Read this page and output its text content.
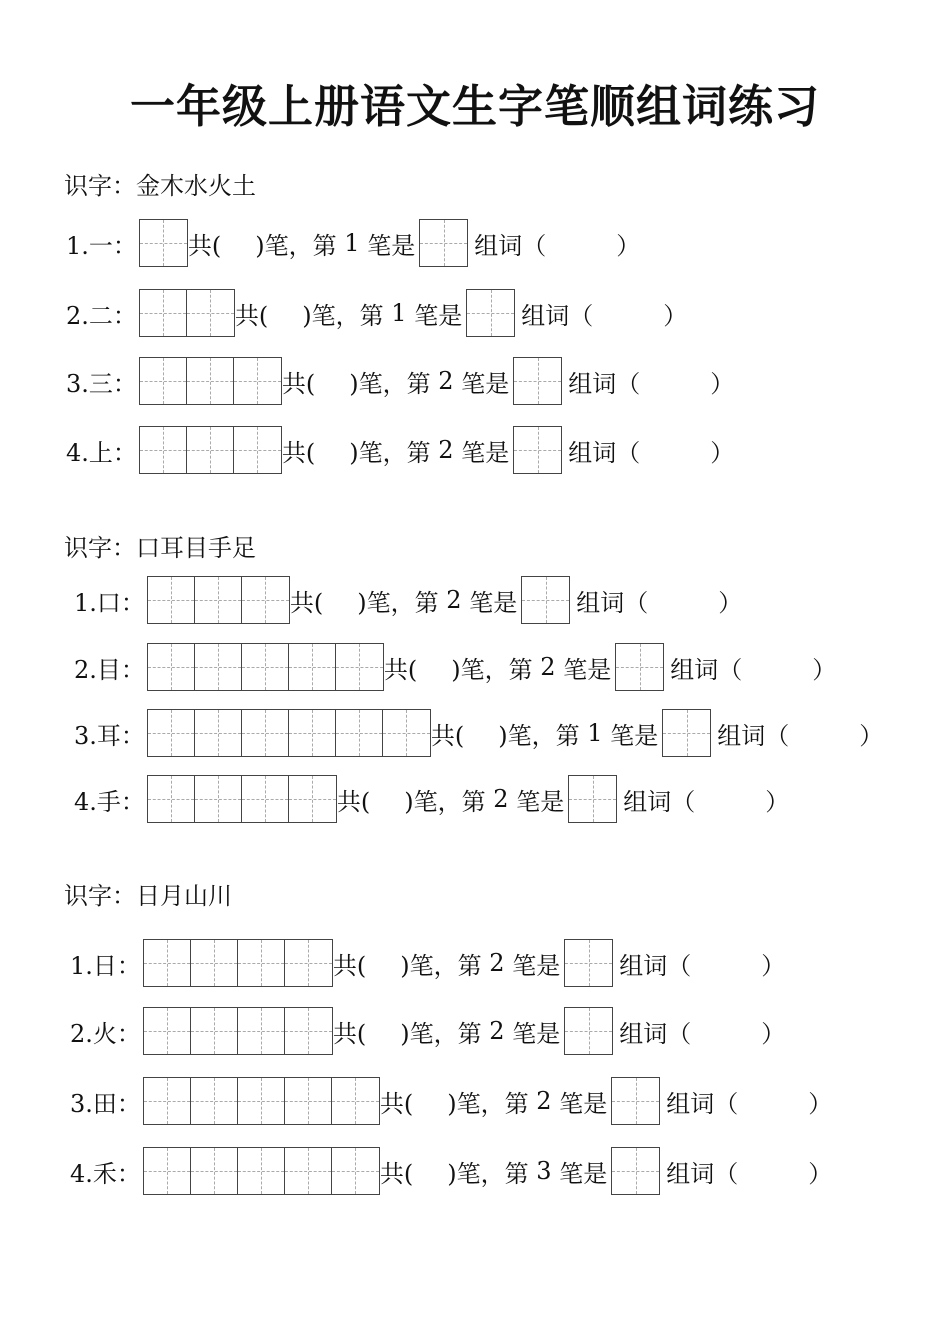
一年级上册语文生字笔顺组词练习
识字：金木水火土
识字：口耳目手足
识字：日月山川
1.一： 共( )笔，第 1 笔是 组词（	）
2.二：	共( )笔，第 1 笔是 组词（	）
3.三：	共( )笔，第 2 笔是 组词（	）
4.上：	共( )笔，第 2 笔是 组词（	）
1.口：	共( )笔，第 2 笔是 组词（	）
2.目：	共( )笔，第 2 笔是 组词（	）
3.耳：	共( )笔，第 1 笔是 组词（	）
4.手：	共( )笔，第 2 笔是 组词（	）
1.日：	共( )笔，第 2 笔是 组词（	）
2.火：	共( )笔，第 2 笔是 组词（	）
3.田：	共( )笔，第 2 笔是 组词（	）
4.禾：	共( )笔，第 3 笔是 组词（	）
